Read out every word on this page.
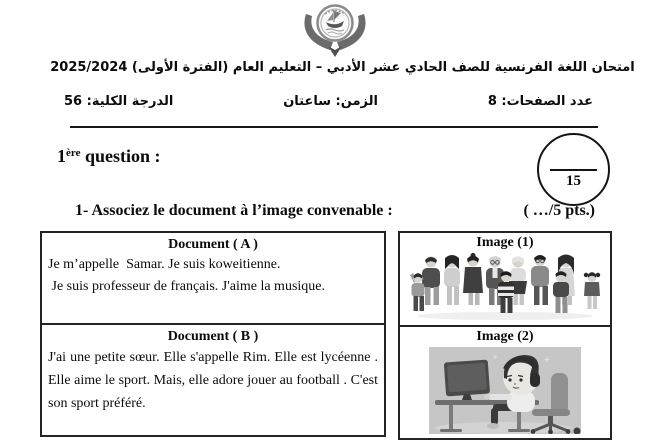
امتحان اللغة الفرنسية للصف الحادي عشر الأدبي – التعليم العام (الفترة الأولى) 2025/2024
عدد الصفحات: 8
الزمن: ساعتان
الدرجة الكلية: 56
1ère question :
15
1- Associez le document à l’image convenable :	( …/5 pts.)
Document ( A )
Je m’appelle  Samar. Je suis koweitienne.
Je suis professeur de français. J'aime la musique.
Document ( B )
J'ai une petite sœur. Elle s'appelle Rim. Elle est lycéenne . Elle aime le sport. Mais, elle adore jouer au football . C'est son sport préféré.
Image (1)
Image (2)
